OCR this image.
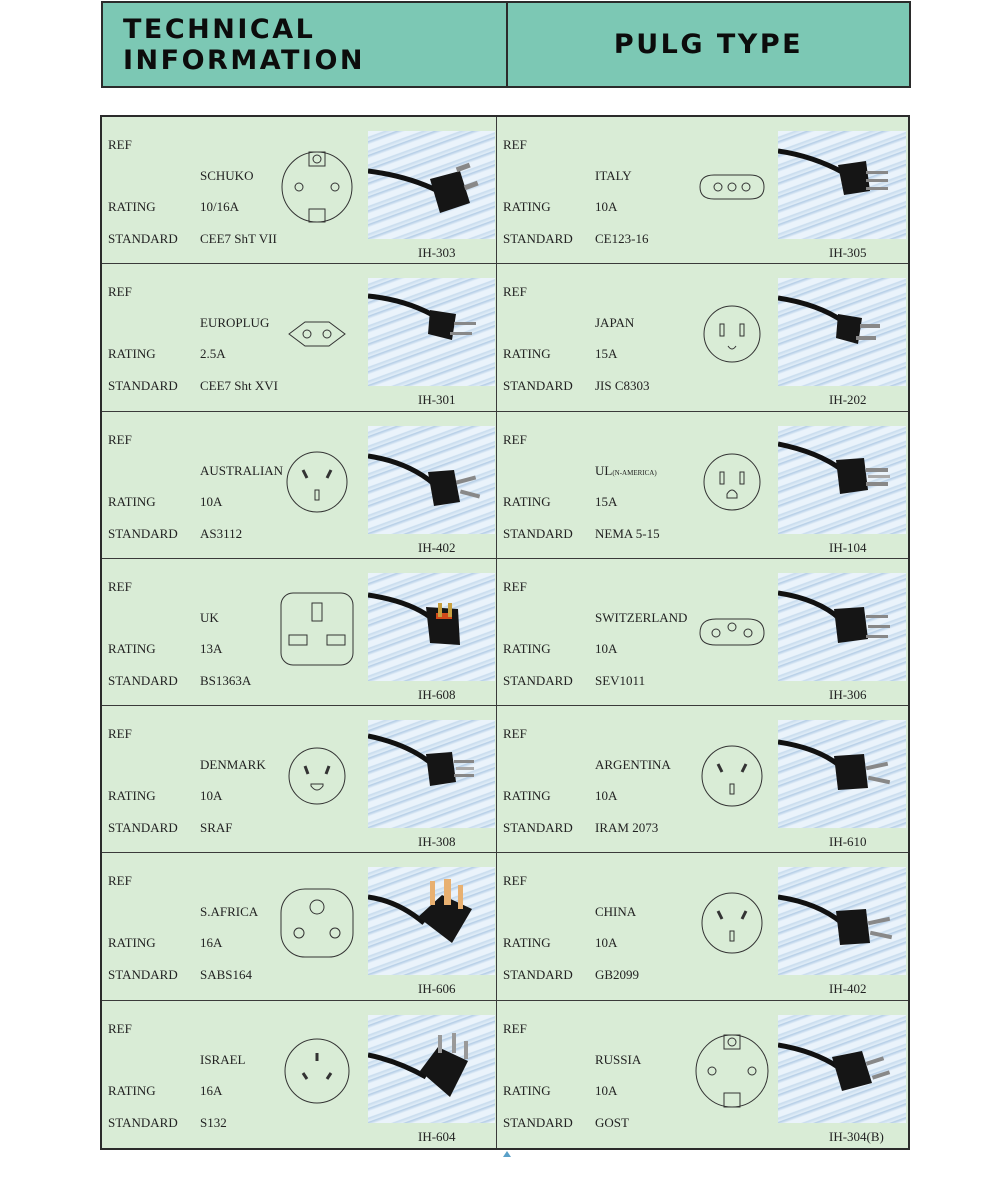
TECHNICAL INFORMATION	PULG TYPE
REF
SCHUKO
RATING	10/16A
STANDARD CEE7 ShT VII
IH-303
REF
ITALY
RATING	10A
STANDARD CE123-16
IH-305
REF
EUROPLUG
RATING	2.5A
STANDARD CEE7 Sht XVI
IH-301
REF
JAPAN
RATING	15A
STANDARD JIS C8303
IH-202
REF
AUSTRALIAN
RATING	10A
STANDARD AS3112
IH-402
REF
UL(N-AMERICA)
RATING	15A
STANDARD NEMA 5-15
IH-104
REF
UK
RATING	13A
STANDARD BS1363A
IH-608
REF
SWITZERLAND
RATING	10A
STANDARD SEV1011
IH-306
REF
DENMARK
RATING	10A
STANDARD SRAF
IH-308
REF
ARGENTINA
RATING	10A
STANDARD IRAM 2073
IH-610
REF
S.AFRICA
RATING	16A
STANDARD SABS164
IH-606
REF
CHINA
RATING	10A
STANDARD GB2099
IH-402
REF
ISRAEL
RATING	16A
STANDARD S132
IH-604
REF
RUSSIA
RATING	10A
STANDARD GOST
IH-304(B)
